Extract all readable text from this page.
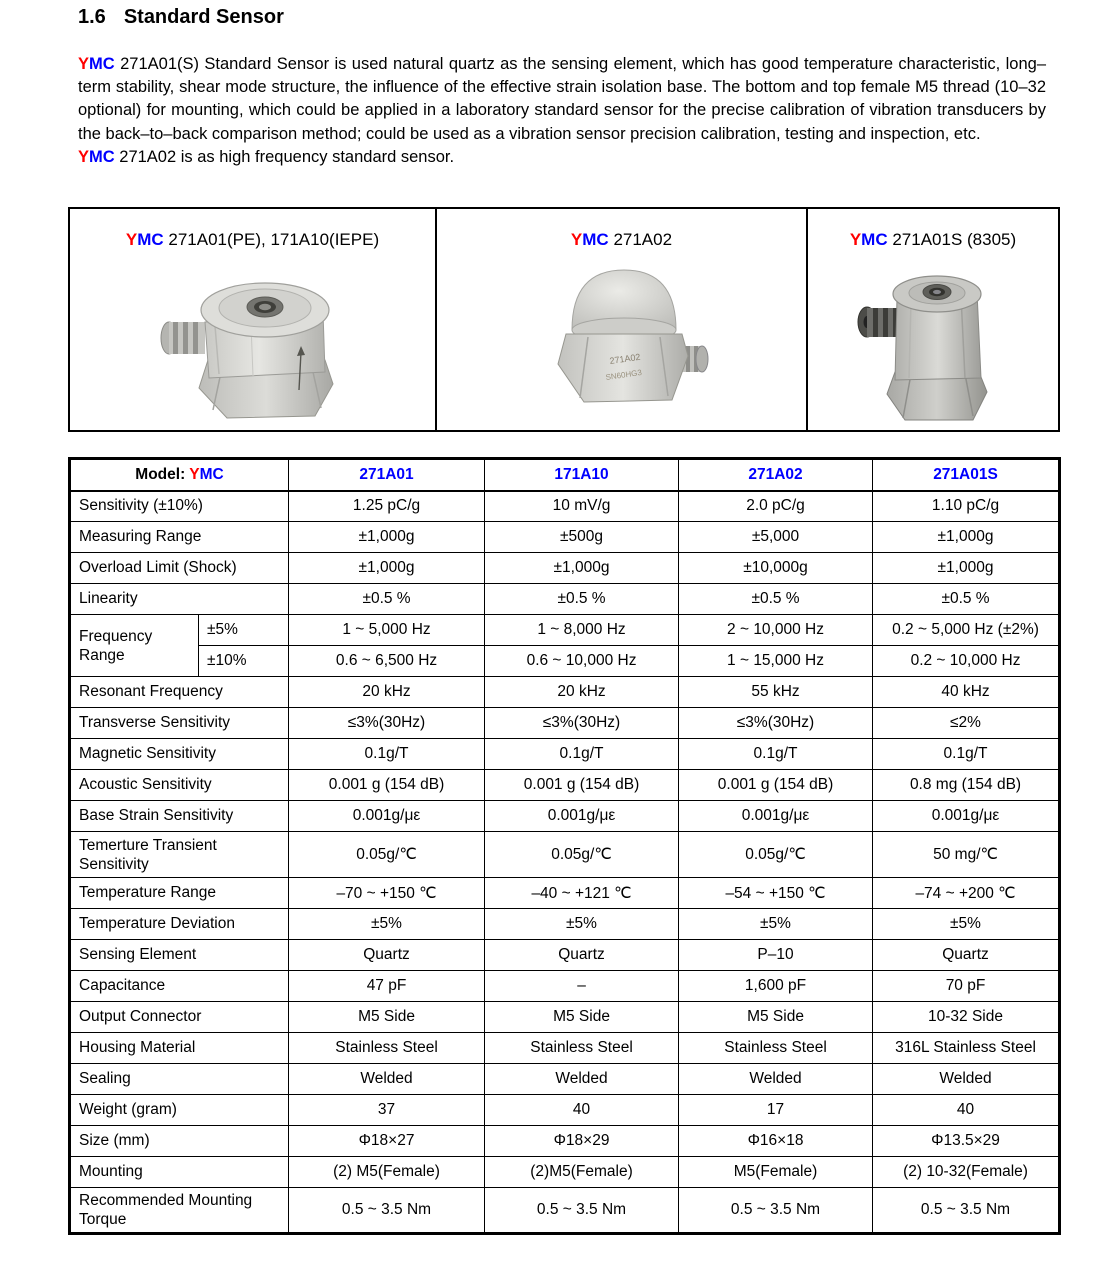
1.6 Standard Sensor

YMC 271A01(S) Standard Sensor is used natural quartz as the sensing element, which has good temperature characteristic, long–term stability, shear mode structure, the influence of the effective strain isolation base. The bottom and top female M5 thread (10–32 optional) for mounting, which could be applied in a laboratory standard sensor for the precise calibration of vibration transducers by the back–to–back comparison method; could be used as a vibration sensor precision calibration, testing and inspection, etc.

YMC 271A02 is as high frequency standard sensor.

YMC 271A01(PE), 171A10(IEPE)	YMC 271A02
271A02
SN60HG3
YMC 271A01S (8305)
Model: YMC		271A01	171A10	271A02	271A01S
Sensitivity (±10%)		1.25 pC/g	10 mV/g	2.0 pC/g	1.10 pC/g
Measuring Range		±1,000g	±500g	±5,000	±1,000g
Overload Limit (Shock)		±1,000g	±1,000g	±10,000g	±1,000g
Linearity		±0.5 %	±0.5 %	±0.5 %	±0.5 %
Frequency Range	±5%	1 ~ 5,000 Hz	1 ~ 8,000 Hz	2 ~ 10,000 Hz	0.2 ~ 5,000 Hz (±2%)
	±10%	0.6 ~ 6,500 Hz	0.6 ~ 10,000 Hz	1 ~ 15,000 Hz	0.2 ~ 10,000 Hz
Resonant Frequency		20 kHz	20 kHz	55 kHz	40 kHz
Transverse Sensitivity		≤3%(30Hz)	≤3%(30Hz)	≤3%(30Hz)	≤2%
Magnetic Sensitivity		0.1g/T	0.1g/T	0.1g/T	0.1g/T
Acoustic Sensitivity		0.001 g (154 dB)	0.001 g (154 dB)	0.001 g (154 dB)	0.8 mg (154 dB)
Base Strain Sensitivity		0.001g/με	0.001g/με	0.001g/με	0.001g/με
Temerture Transient Sensitivity		0.05g/℃	0.05g/℃	0.05g/℃	50 mg/℃
Temperature Range		–70 ~ +150 ℃	–40 ~ +121 ℃	–54 ~ +150 ℃	–74 ~ +200 ℃
Temperature Deviation		±5%	±5%	±5%	±5%
Sensing Element		Quartz	Quartz	P–10	Quartz
Capacitance		47 pF	–	1,600 pF	70 pF
Output Connector		M5 Side	M5 Side	M5 Side	10-32 Side
Housing Material		Stainless Steel	Stainless Steel	Stainless Steel	316L Stainless Steel
Sealing		Welded	Welded	Welded	Welded
Weight (gram)		37	40	17	40
Size (mm)		Φ18×27	Φ18×29	Φ16×18	Φ13.5×29
Mounting		(2) M5(Female)	(2)M5(Female)	M5(Female)	(2) 10-32(Female)
Recommended Mounting Torque		0.5 ~ 3.5 Nm	0.5 ~ 3.5 Nm	0.5 ~ 3.5 Nm	0.5 ~ 3.5 Nm
